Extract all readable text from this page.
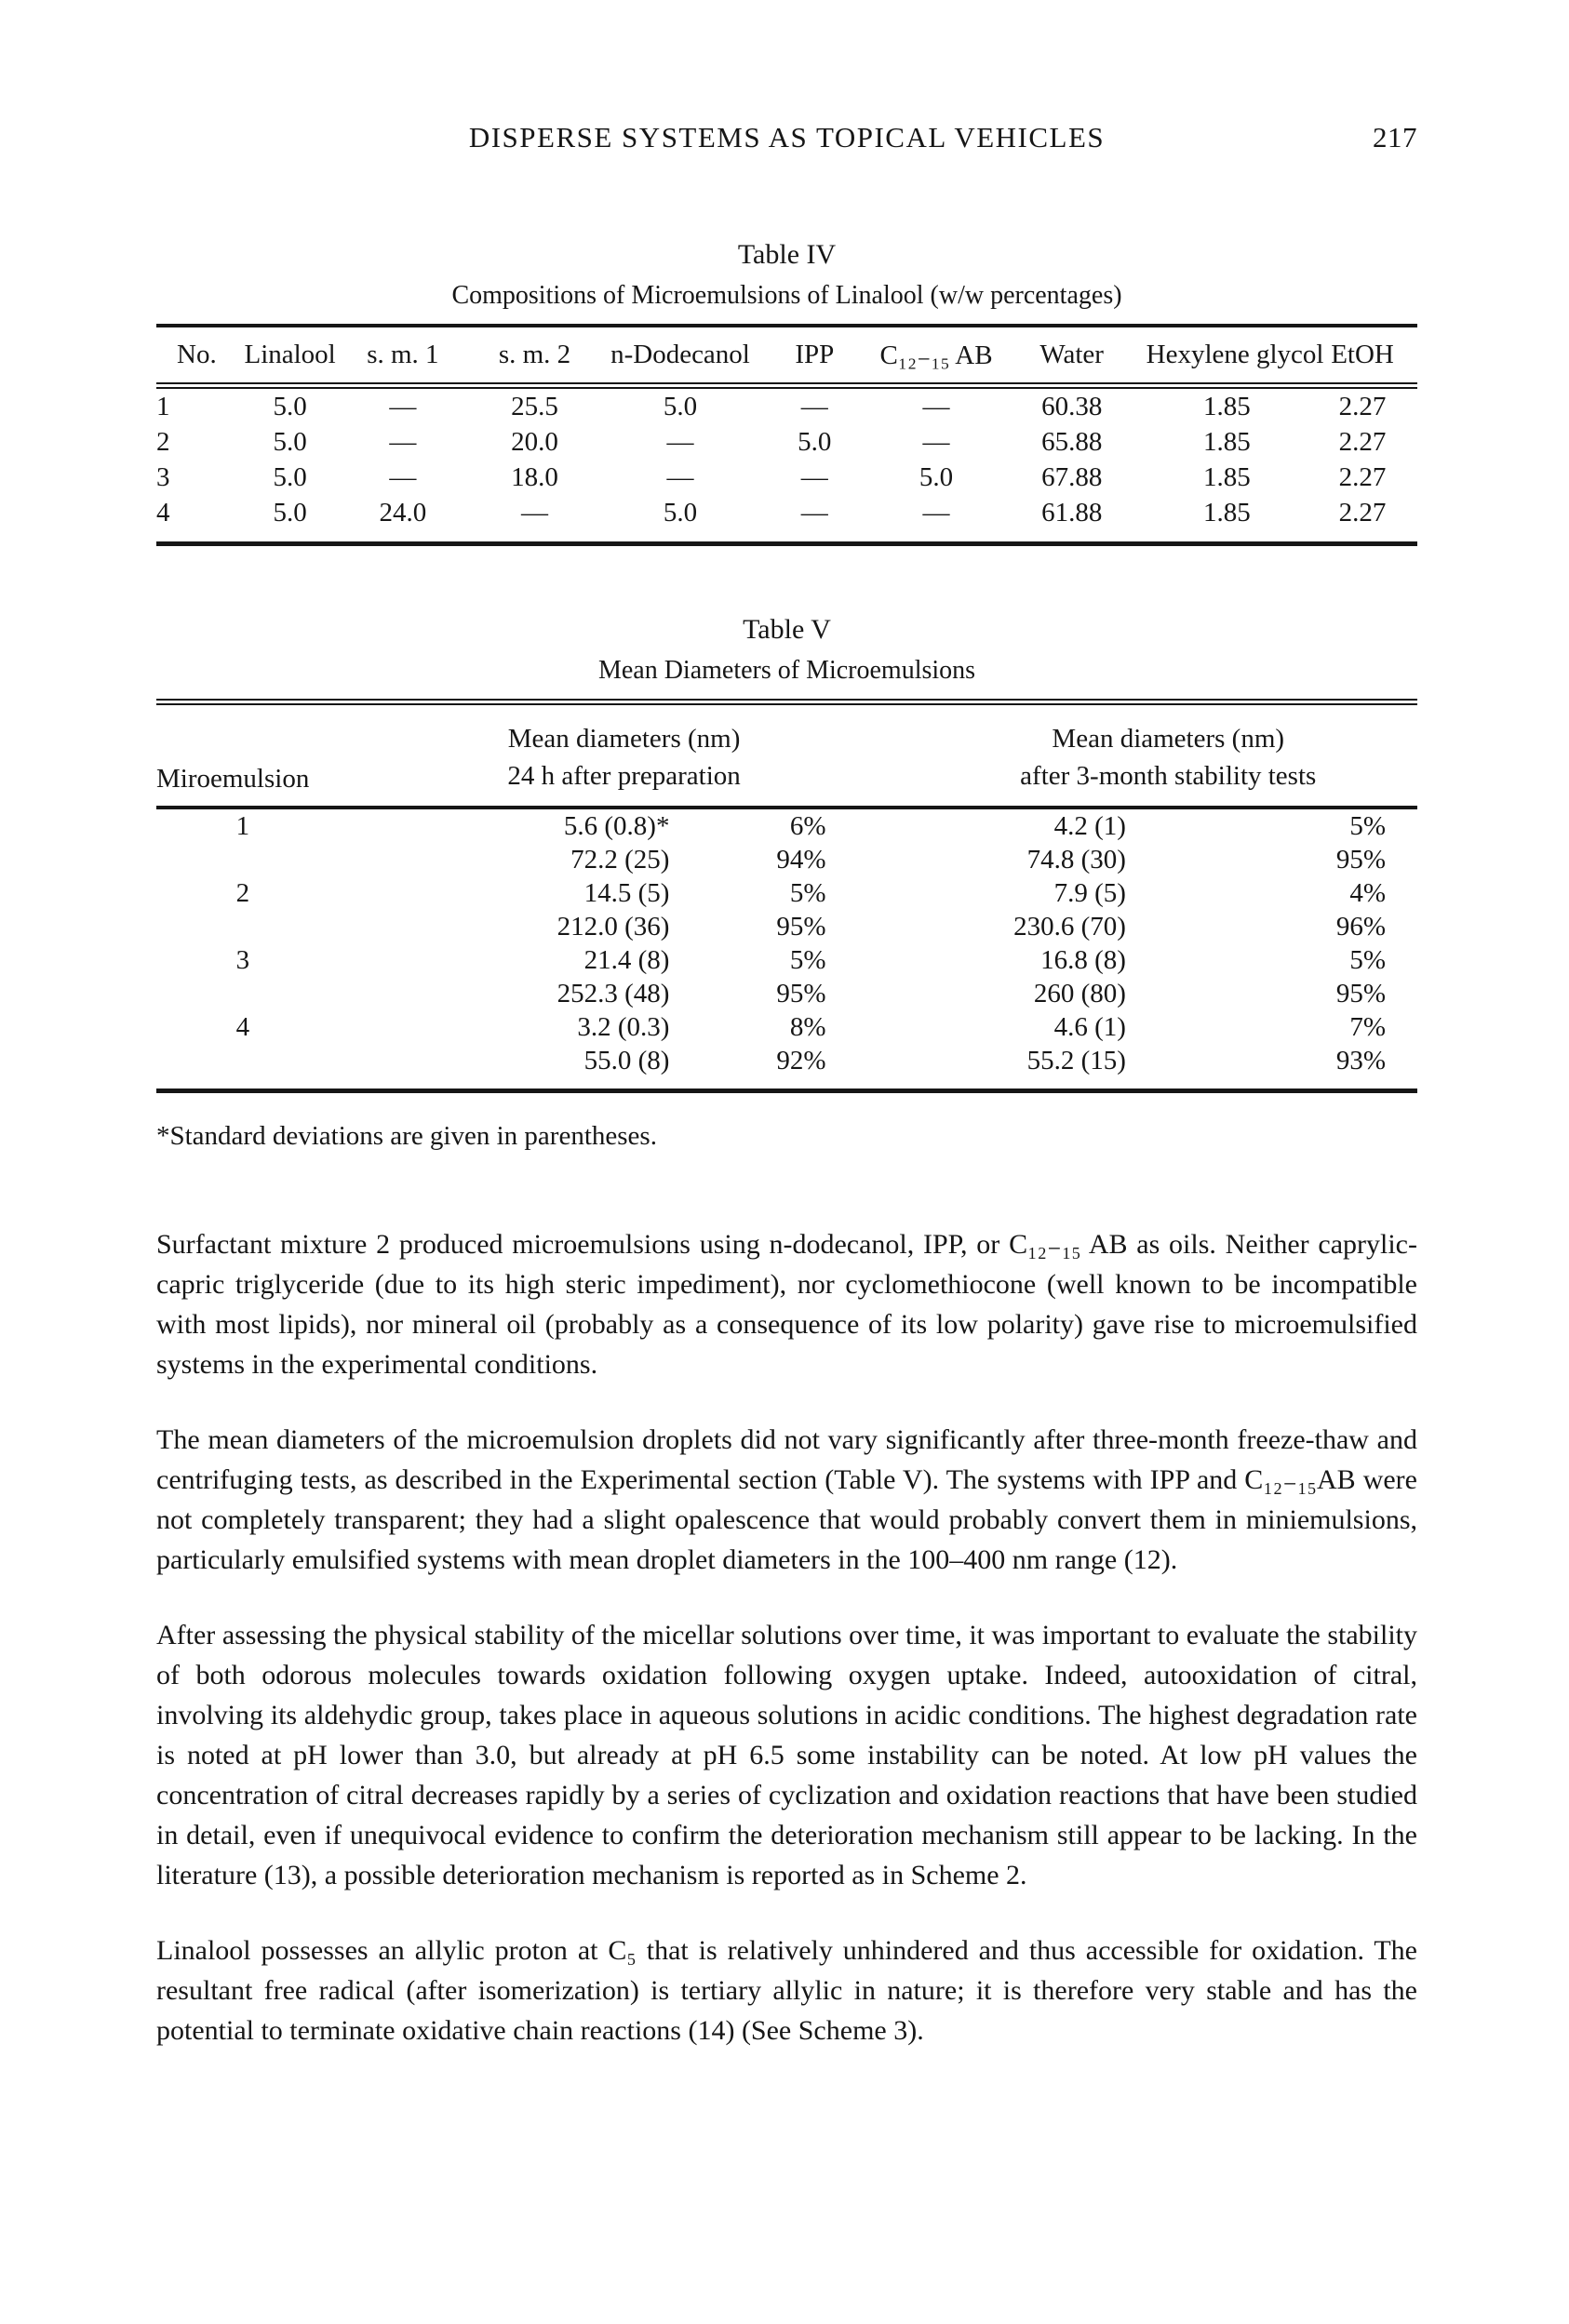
DISPERSE SYSTEMS AS TOPICAL VEHICLES	217
Table IV
Compositions of Microemulsions of Linalool (w/w percentages)
No.	Linalool	s. m. 1	s. m. 2	n-Dodecanol	IPP	C₁₂₋₁₅ AB	Water	Hexylene glycol	EtOH
1	5.0	—	25.5	5.0	—	—	60.38	1.85	2.27
2	5.0	—	20.0	—	5.0	—	65.88	1.85	2.27
3	5.0	—	18.0	—	—	5.0	67.88	1.85	2.27
4	5.0	24.0	—	5.0	—	—	61.88	1.85	2.27
Table V
Mean Diameters of Microemulsions
Miroemulsion	
Mean diameters (nm)
24 h after preparation

Mean diameters (nm)
after 3-month stability tests

1	5.6 (0.8)*	6%	4.2 (1)	5%
	72.2 (25)	94%	74.8 (30)	95%
2	14.5 (5)	5%	7.9 (5)	4%
	212.0 (36)	95%	230.6 (70)	96%
3	21.4 (8)	5%	16.8 (8)	5%
	252.3 (48)	95%	260 (80)	95%
4	3.2 (0.3)	8%	4.6 (1)	7%
	55.0 (8)	92%	55.2 (15)	93%
*Standard deviations are given in parentheses.

Surfactant mixture 2 produced microemulsions using n-dodecanol, IPP, or C₁₂₋₁₅ AB as oils. Neither caprylic-capric triglyceride (due to its high steric impediment), nor cyclomethiocone (well known to be incompatible with most lipids), nor mineral oil (probably as a consequence of its low polarity) gave rise to microemulsified systems in the experimental conditions.

The mean diameters of the microemulsion droplets did not vary significantly after three-month freeze-thaw and centrifuging tests, as described in the Experimental section (Table V). The systems with IPP and C₁₂₋₁₅AB were not completely transparent; they had a slight opalescence that would probably convert them in miniemulsions, particularly emulsified systems with mean droplet diameters in the 100–400 nm range (12).

After assessing the physical stability of the micellar solutions over time, it was important to evaluate the stability of both odorous molecules towards oxidation following oxygen uptake. Indeed, autooxidation of citral, involving its aldehydic group, takes place in aqueous solutions in acidic conditions. The highest degradation rate is noted at pH lower than 3.0, but already at pH 6.5 some instability can be noted. At low pH values the concentration of citral decreases rapidly by a series of cyclization and oxidation reactions that have been studied in detail, even if unequivocal evidence to confirm the deterioration mechanism still appear to be lacking. In the literature (13), a possible deterioration mechanism is reported as in Scheme 2.

Linalool possesses an allylic proton at C₅ that is relatively unhindered and thus accessible for oxidation. The resultant free radical (after isomerization) is tertiary allylic in nature; it is therefore very stable and has the potential to terminate oxidative chain reactions (14) (See Scheme 3).
